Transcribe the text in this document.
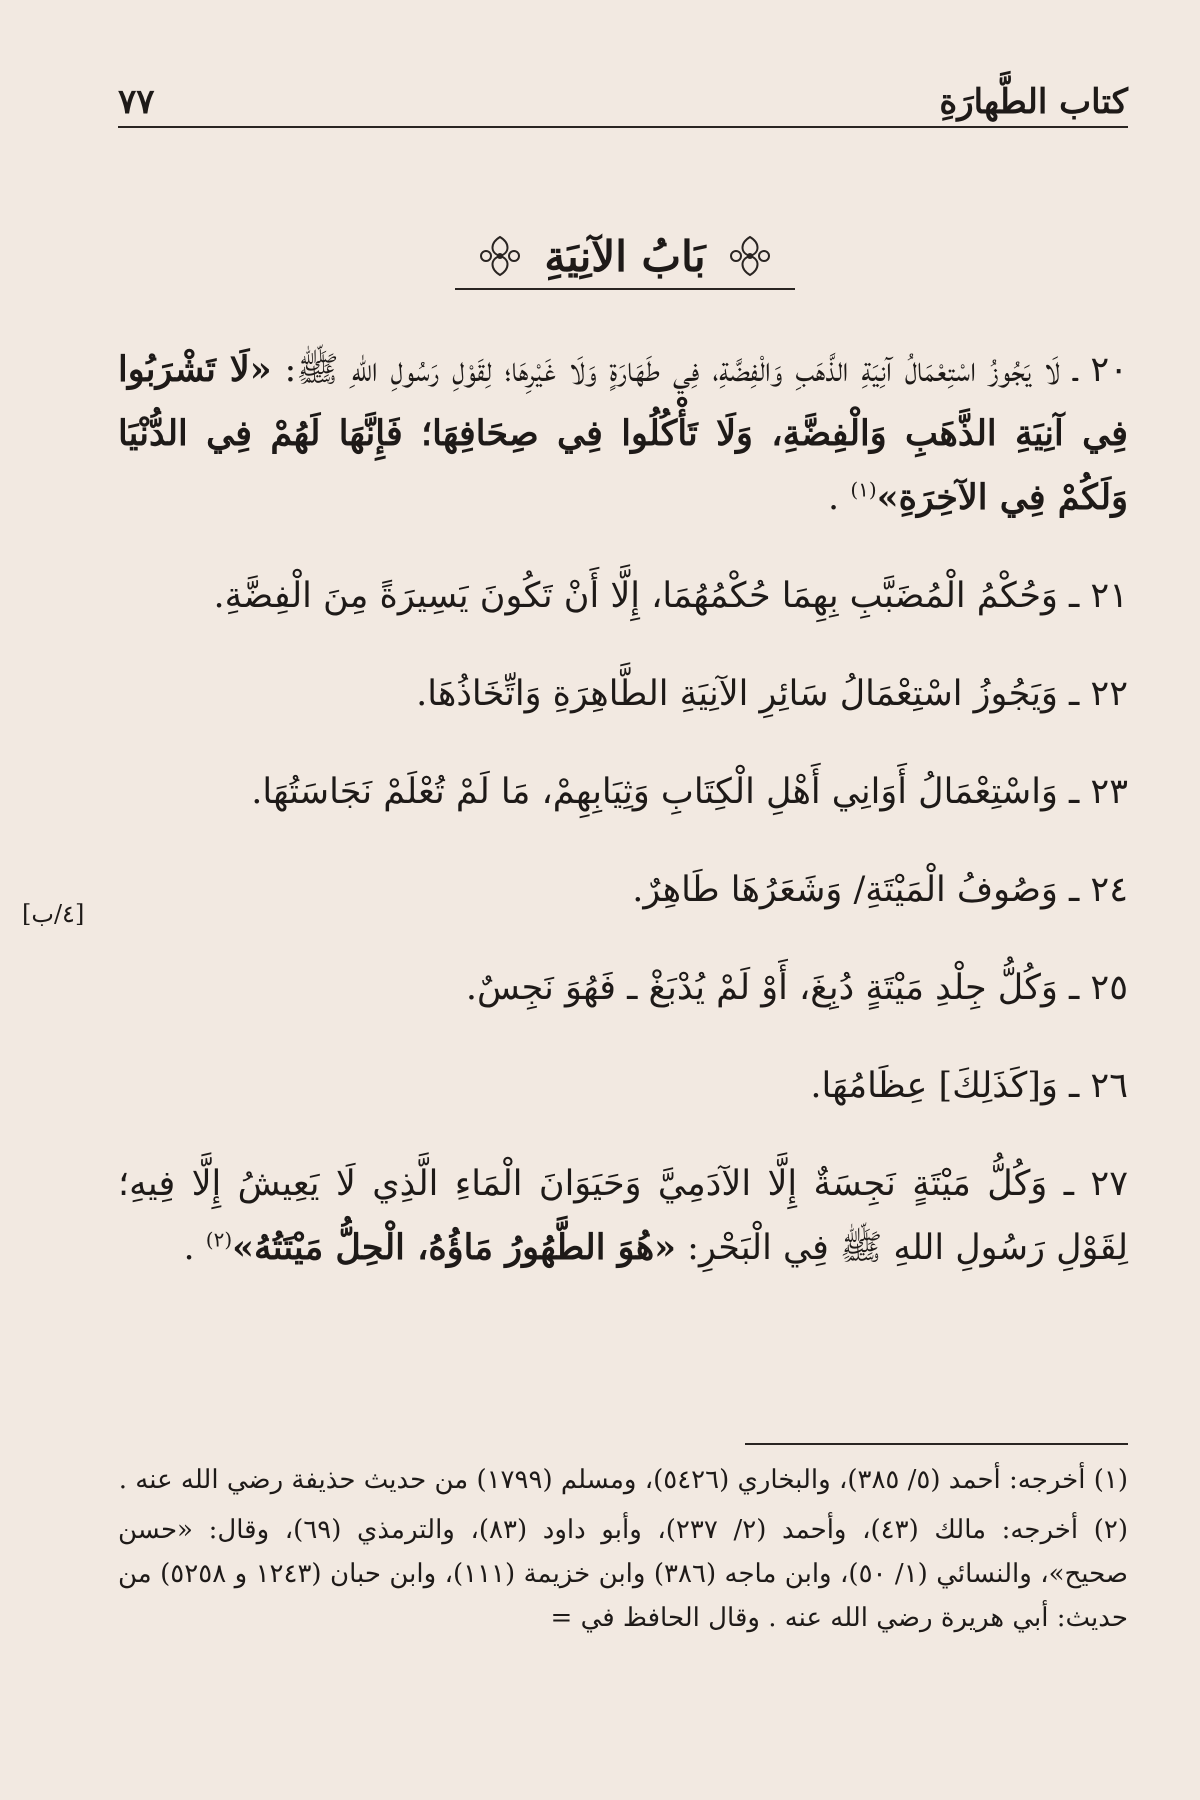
كتاب الطَّهارَةِ
٧٧
‏ ‏ ‏ ‏ ‏
بَابُ الآنِيَةِ

٢٠ ـ لَا يَجُوزُ اسْتِعْمَالُ آنِيَةِ الذَّهَبِ وَالْفِضَّةِ، فِي طَهَارَةٍ وَلَا غَيْرِهَا؛ لِقَوْلِ رَسُولِ اللهِ ﷺ: «لَا تَشْرَبُوا فِي آنِيَةِ الذَّهَبِ وَالْفِضَّةِ، وَلَا تَأْكُلُوا فِي صِحَافِهَا؛ فَإِنَّهَا لَهُمْ فِي الدُّنْيَا وَلَكُمْ فِي الآخِرَةِ»$^{(١)}$ .

٢١ ـ وَحُكْمُ الْمُضَبَّبِ بِهِمَا حُكْمُهُمَا، إِلَّا أَنْ تَكُونَ يَسِيرَةً مِنَ الْفِضَّةِ.

٢٢ ـ وَيَجُوزُ اسْتِعْمَالُ سَائِرِ الآنِيَةِ الطَّاهِرَةِ وَاتِّخَاذُهَا.

٢٣ ـ وَاسْتِعْمَالُ أَوَانِي أَهْلِ الْكِتَابِ وَثِيَابِهِمْ، مَا لَمْ تُعْلَمْ نَجَاسَتُهَا.

٢٤ ـ وَصُوفُ الْمَيْتَةِ/ وَشَعَرُهَا طَاهِرٌ.

٢٥ ـ وَكُلُّ جِلْدِ مَيْتَةٍ دُبِغَ، أَوْ لَمْ يُدْبَغْ ـ فَهُوَ نَجِسٌ.

٢٦ ـ وَ[كَذَلِكَ] عِظَامُهَا.

٢٧ ـ وَكُلُّ مَيْتَةٍ نَجِسَةٌ إِلَّا الآدَمِيَّ وَحَيَوَانَ الْمَاءِ الَّذِي لَا يَعِيشُ إِلَّا فِيهِ؛ لِقَوْلِ رَسُولِ اللهِ ﷺ فِي الْبَحْرِ: «هُوَ الطَّهُورُ مَاؤُهُ، الْحِلُّ مَيْتَتُهُ»$^{(٢)}$ .

[٤/ب]

(١) أخرجه: أحمد (٥/ ٣٨٥)، والبخاري (٥٤٢٦)، ومسلم (١٧٩٩) من حديث حذيفة رضي الله عنه .

(٢) أخرجه: مالك (٤٣)، وأحمد (٢/ ٢٣٧)، وأبو داود (٨٣)، والترمذي (٦٩)، وقال: «حسن صحيح»، والنسائي (١/ ٥٠)، وابن ماجه (٣٨٦) وابن خزيمة (١١١)، وابن حبان (١٢٤٣ و ٥٢٥٨) من حديث: أبي هريرة رضي الله عنه . وقال الحافظ في =
